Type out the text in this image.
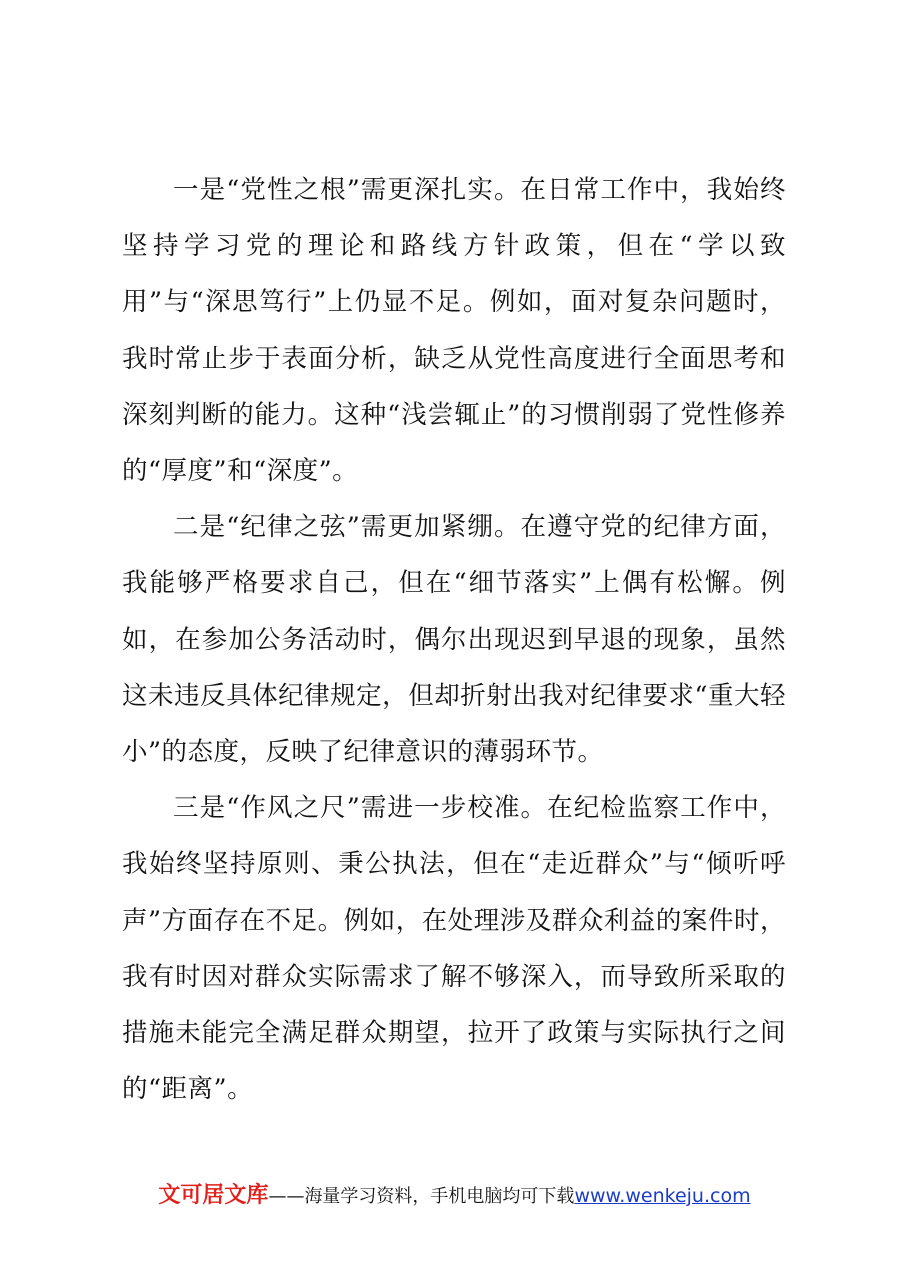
一是“党性之根”需更深扎实。在日常工作中，我始终坚持学习党的理论和路线方针政策，但在“学以致用”与“深思笃行”上仍显不足。例如，面对复杂问题时，我时常止步于表面分析，缺乏从党性高度进行全面思考和深刻判断的能力。这种“浅尝辄止”的习惯削弱了党性修养的“厚度”和“深度”。

二是“纪律之弦”需更加紧绷。在遵守党的纪律方面，我能够严格要求自己，但在“细节落实”上偶有松懈。例如，在参加公务活动时，偶尔出现迟到早退的现象，虽然这未违反具体纪律规定，但却折射出我对纪律要求“重大轻小”的态度，反映了纪律意识的薄弱环节。

三是“作风之尺”需进一步校准。在纪检监察工作中，我始终坚持原则、秉公执法，但在“走近群众”与“倾听呼声”方面存在不足。例如，在处理涉及群众利益的案件时，我有时因对群众实际需求了解不够深入，而导致所采取的措施未能完全满足群众期望，拉开了政策与实际执行之间的“距离”。

文可居文库——海量学习资料，手机电脑均可下载www.wenkeju.com
